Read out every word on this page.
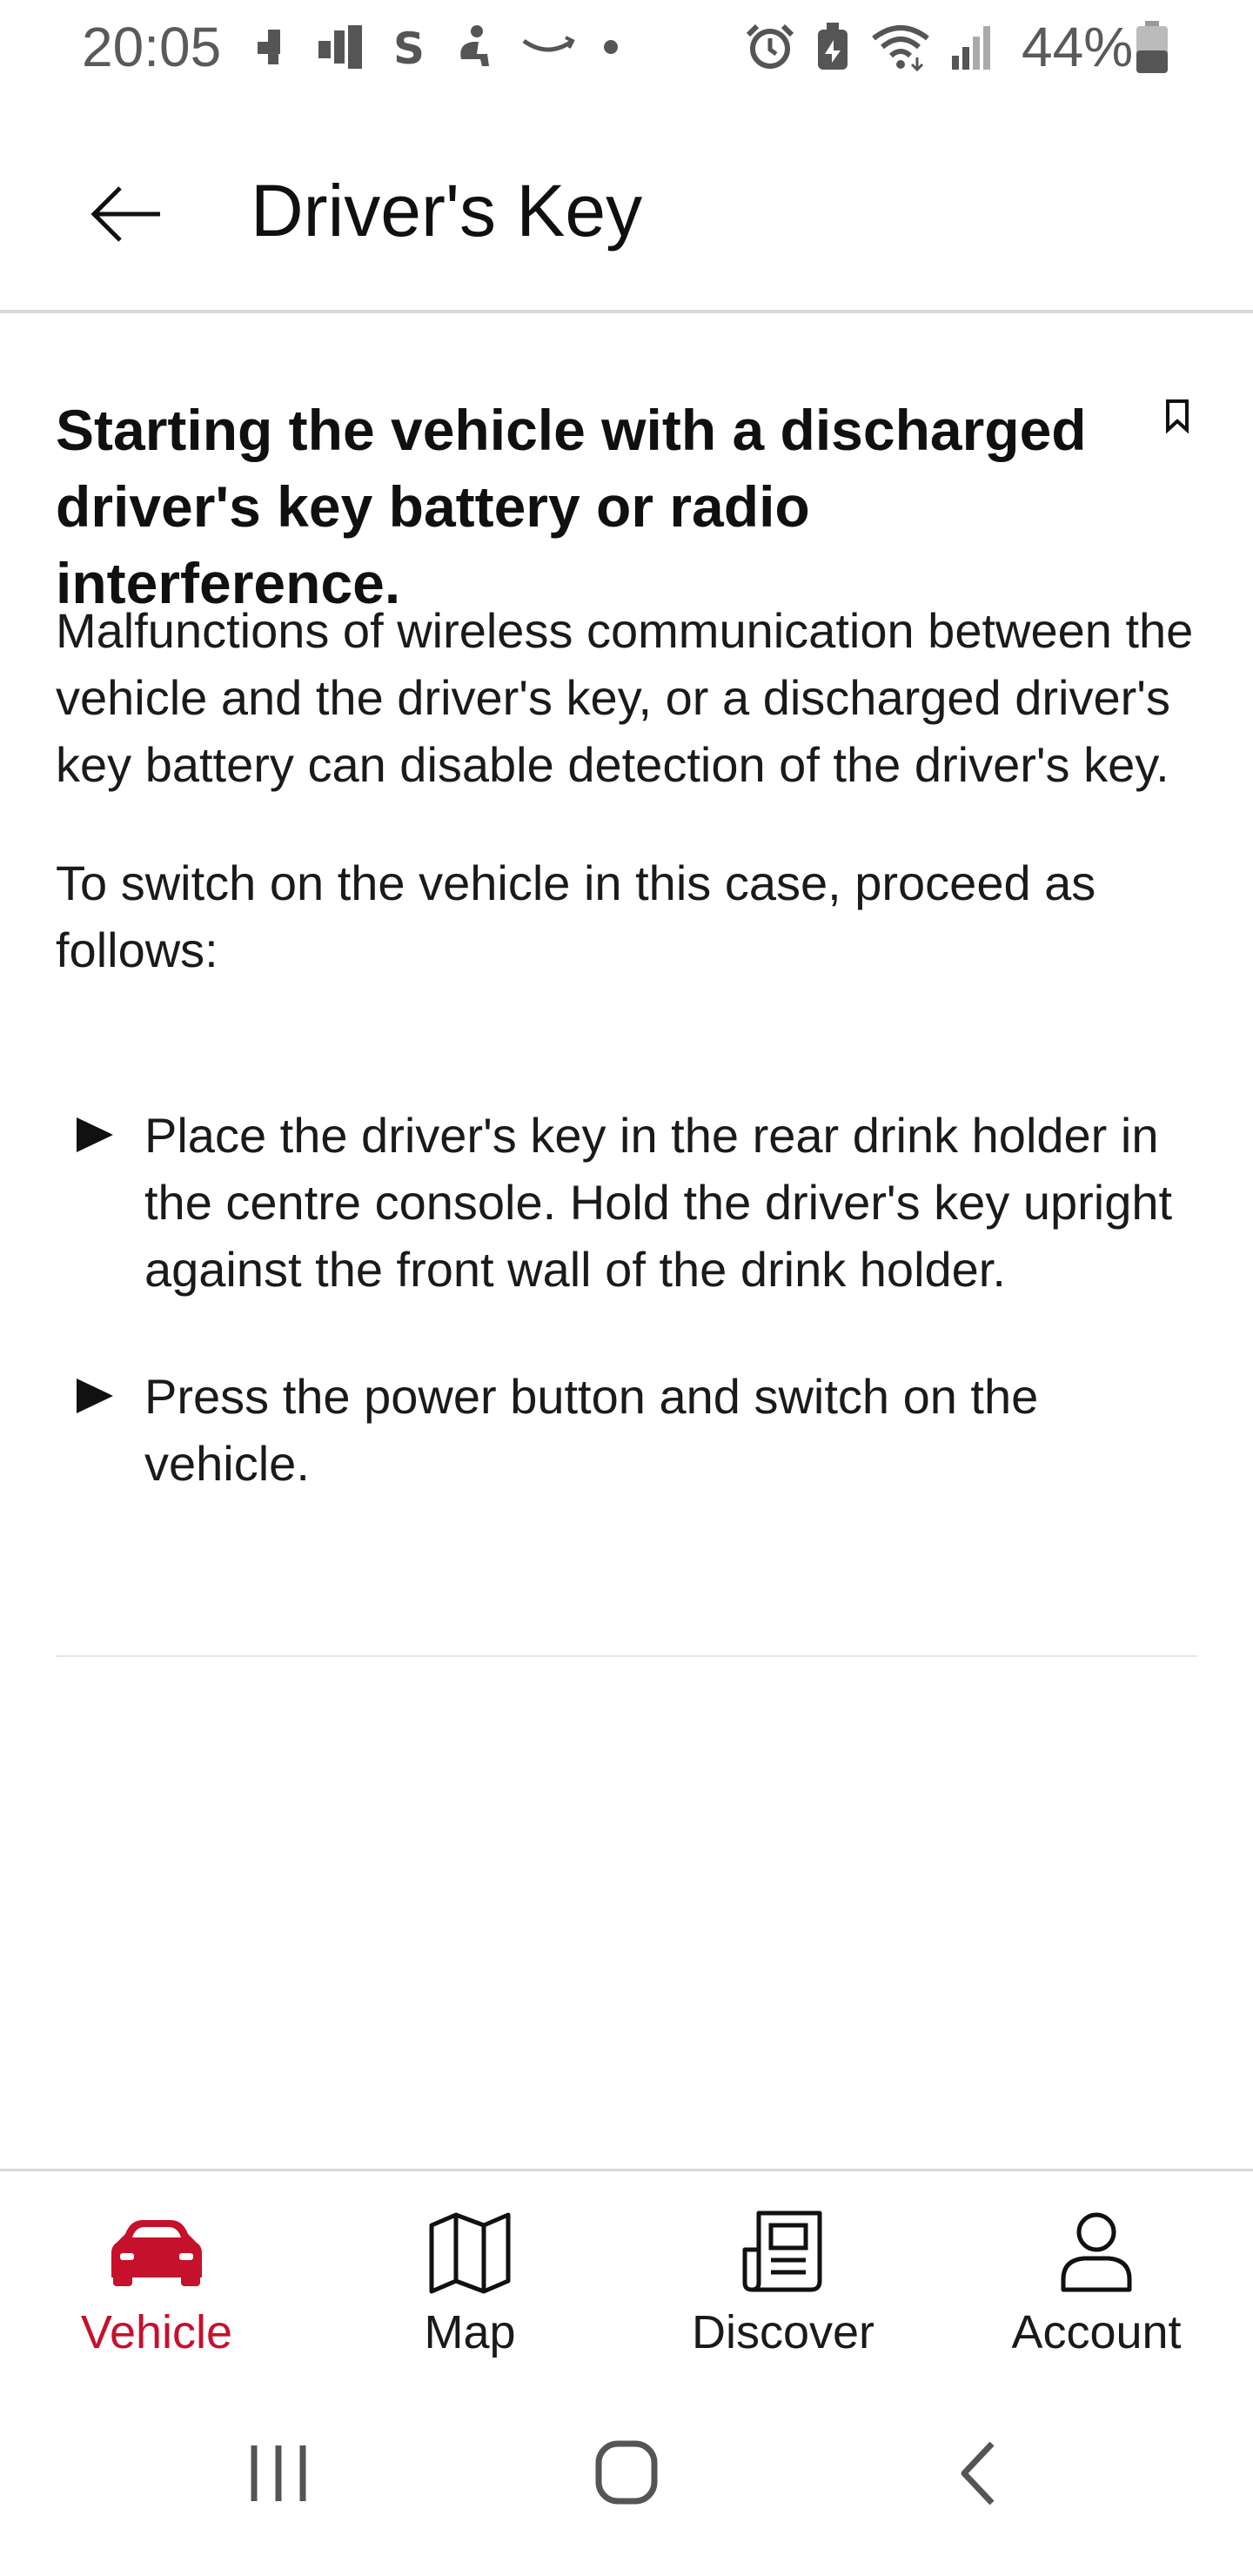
20:05	S	44%
Driver's Key
Starting the vehicle with a discharged driver's key battery or radio interference.
Malfunctions of wireless communication between the vehicle and the driver's key, or a discharged driver's key battery can disable detection of the driver's key.
To switch on the vehicle in this case, proceed as follows:
Place the driver's key in the rear drink holder in the centre console. Hold the driver's key upright against the front wall of the drink holder.
Press the power button and switch on the vehicle.
Vehicle	Map	Discover	Account
